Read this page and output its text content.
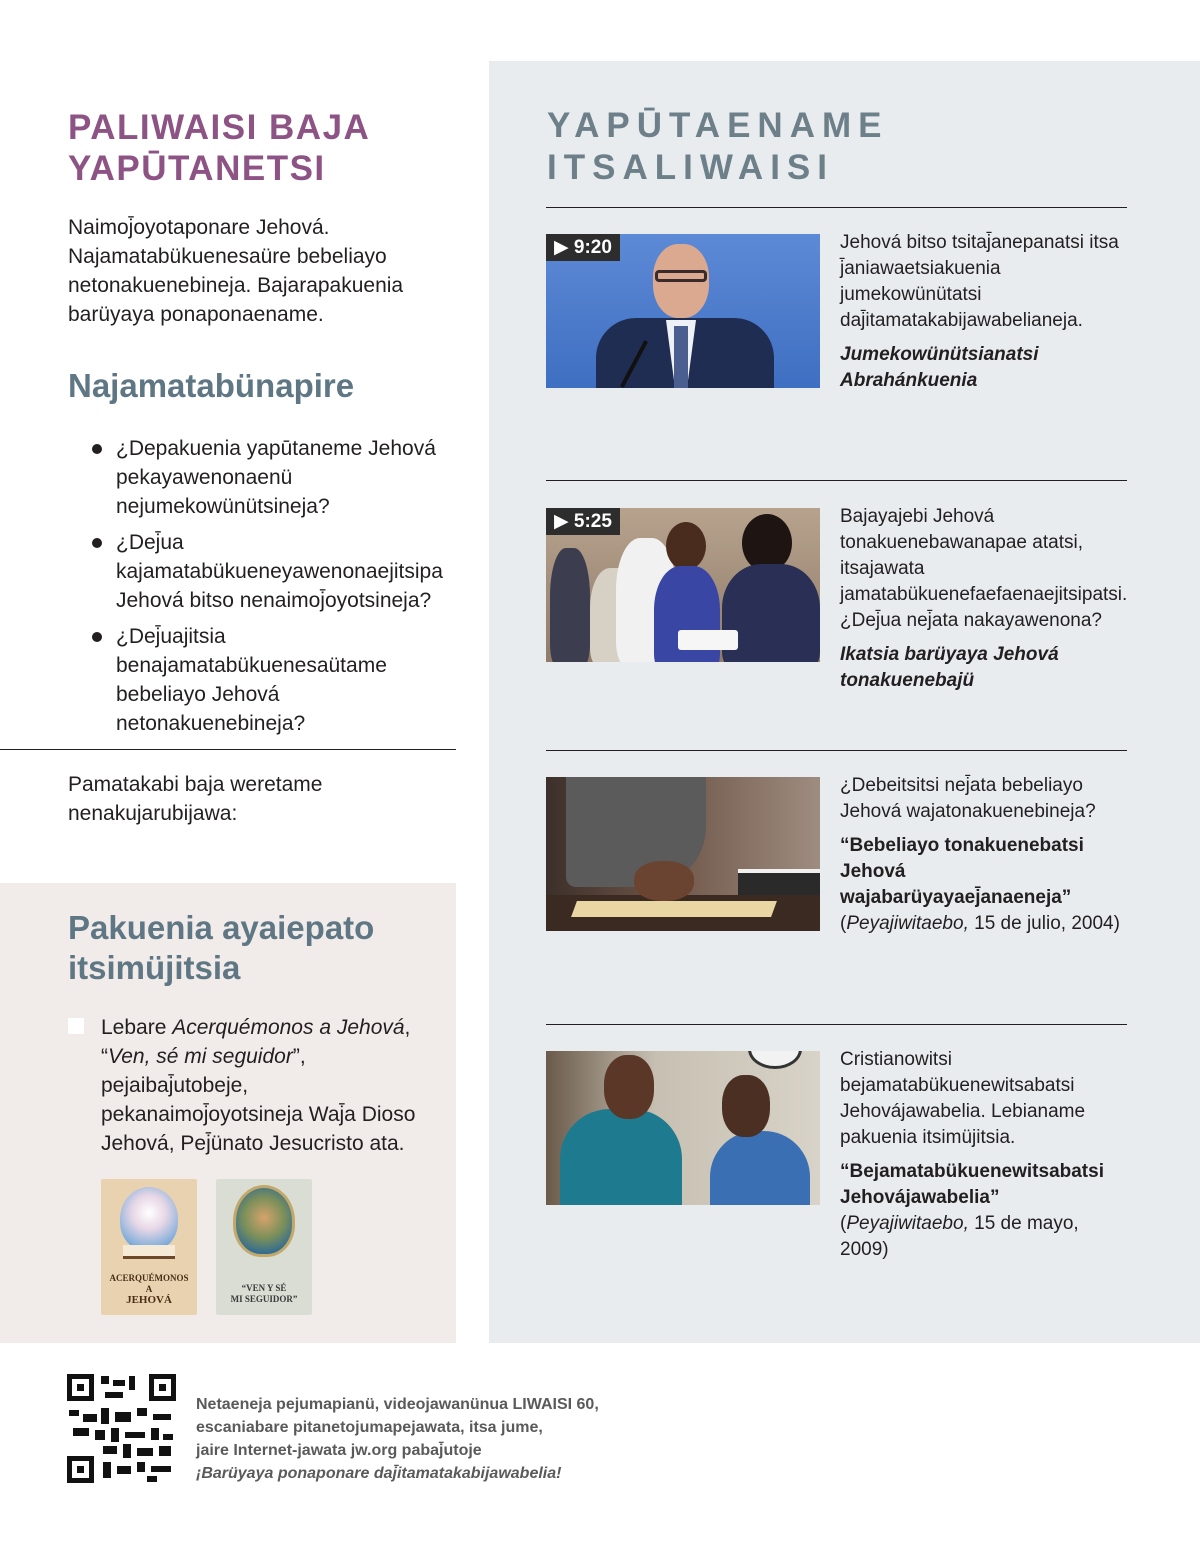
PALIWAISI BAJA
YAPŪTANETSI

Naimoj̄oyotaponare Jehová. Najamatabükuenesaüre bebeliayo netonakuenebineja. Bajarapakuenia barüyaya ponaponaename.

Najamatabünapire
¿Depakuenia yapūtaneme Jehová pekayawenonaenü nejumekowünütsineja?
¿Dej̄ua kajamatabükueneyawenonaejitsipa Jehová bitso nenaimoj̄oyotsineja?
¿Dej̄uajitsia benajamatabükuenesaütame bebeliayo Jehová netonakuenebineja?

Pamatakabi baja weretame nenakujarubijawa:

Pakuenia ayaiepato itsimüjitsia

Lebare Acerquémonos a Jehová, “Ven, sé mi seguidor”, pejaibaj̄utobeje, pekanaimoj̄oyotsineja Waj̄a Dioso Jehová, Pej̄ünato Jesucristo ata.

ACERQUÉMONOS
A
JEHOVÁ
“VEN Y SÉ
MI SEGUIDOR”
YAPŪTAENAME
ITSALIWAISI
▶ 9:20	Jehová bitso tsitaj̄anepanatsi itsa j̄aniawaetsiakuenia jumekowünütatsi daj̄itamatakabijawabelianeja.
Jumekowünütsianatsi Abrahánkuenia
▶ 5:25	Bajayajebi Jehová tonakuenebawanapae atatsi, itsajawata jamatabükuenefaefaenaejitsipatsi. ¿Dej̄ua nej̄ata nakayawenona?
Ikatsia barüyaya Jehová tonakuenebajü
¿Debeitsitsi nej̄ata bebeliayo Jehová wajatonakuenebineja?
“Bebeliayo tonakuenebatsi Jehová wajabarüyayaej̄anaeneja” (Peyajiwitaebo, 15 de julio, 2004)
Cristianowitsi bejamatabükuenewitsabatsi Jehovájawabelia. Lebianame pakuenia itsimüjitsia.
“Bejamatabükuenewitsabatsi Jehovájawabelia” (Peyajiwitaebo, 15 de mayo, 2009)
Netaeneja pejumapianü, videojawanünua LIWAISI 60,
escaniabare pitanetojumapejawata, itsa jume,
jaire Internet-jawata jw.org pabaj̄utoje
¡Barüyaya ponaponare daj̄itamatakabijawabelia!
